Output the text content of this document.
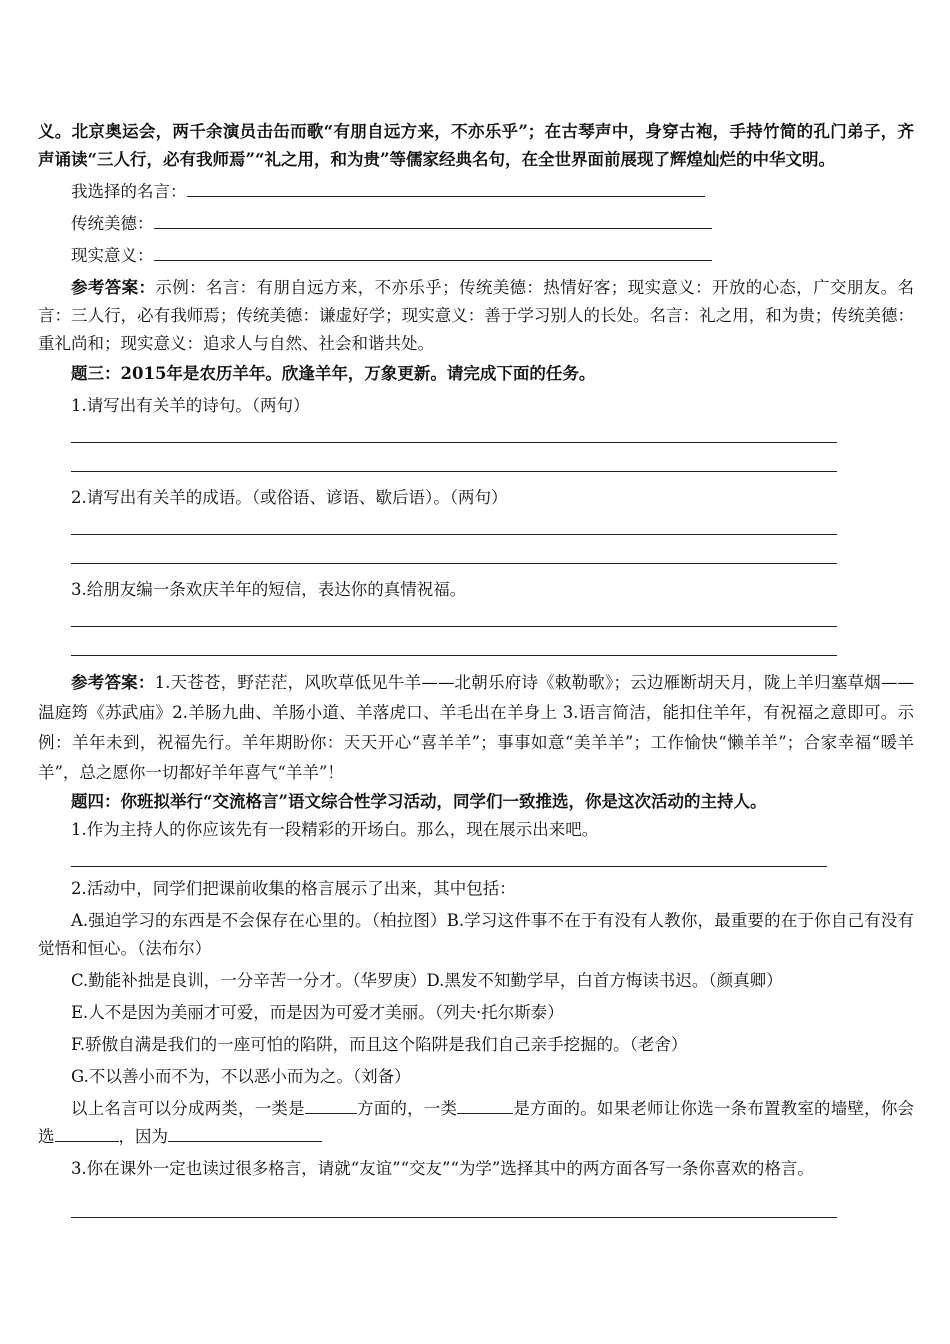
义。北京奥运会，两千余演员击缶而歌“有朋自远方来，不亦乐乎”；在古琴声中，身穿古袍，手持竹简的孔门弟子，齐声诵读“三人行，必有我师焉”“礼之用，和为贵”等儒家经典名句，在全世界面前展现了辉煌灿烂的中华文明。

我选择的名言：

传统美德：

现实意义：

参考答案：示例：名言：有朋自远方来，不亦乐乎；传统美德：热情好客；现实意义：开放的心态，广交朋友。名言：三人行，必有我师焉；传统美德：谦虚好学；现实意义：善于学习别人的长处。名言：礼之用，和为贵；传统美德：重礼尚和；现实意义：追求人与自然、社会和谐共处。

题三：2015年是农历羊年。欣逢羊年，万象更新。请完成下面的任务。

1.请写出有关羊的诗句。（两句）

2.请写出有关羊的成语。（或俗语、谚语、歇后语）。（两句）

3.给朋友编一条欢庆羊年的短信，表达你的真情祝福。

参考答案：1.天苍苍，野茫茫，风吹草低见牛羊——北朝乐府诗《敕勒歌》；云边雁断胡天月，陇上羊归塞草烟——温庭筠《苏武庙》2.羊肠九曲、羊肠小道、羊落虎口、羊毛出在羊身上 3.语言简洁，能扣住羊年，有祝福之意即可。示例：羊年未到，祝福先行。羊年期盼你：天天开心“喜羊羊”；事事如意“美羊羊”；工作愉快“懒羊羊”；合家幸福“暖羊羊”，总之愿你一切都好羊年喜气“羊羊”！

题四：你班拟举行“交流格言”语文综合性学习活动，同学们一致推选，你是这次活动的主持人。

1.作为主持人的你应该先有一段精彩的开场白。那么，现在展示出来吧。

2.活动中，同学们把课前收集的格言展示了出来，其中包括：

A.强迫学习的东西是不会保存在心里的。（柏拉图）B.学习这件事不在于有没有人教你，最重要的在于你自己有没有觉悟和恒心。（法布尔）

C.勤能补拙是良训，一分辛苦一分才。（华罗庚）D.黑发不知勤学早，白首方悔读书迟。（颜真卿）

E.人不是因为美丽才可爱，而是因为可爱才美丽。（列夫·托尔斯泰）

F.骄傲自满是我们的一座可怕的陷阱，而且这个陷阱是我们自己亲手挖掘的。（老舍）

G.不以善小而不为，不以恶小而为之。（刘备）

以上名言可以分成两类，一类是	方面的，一类	是方面的。如果老师让你选一条布置教室的墙壁，你会选	，因为

3.你在课外一定也读过很多格言，请就“友谊”“交友”“为学”选择其中的两方面各写一条你喜欢的格言。
